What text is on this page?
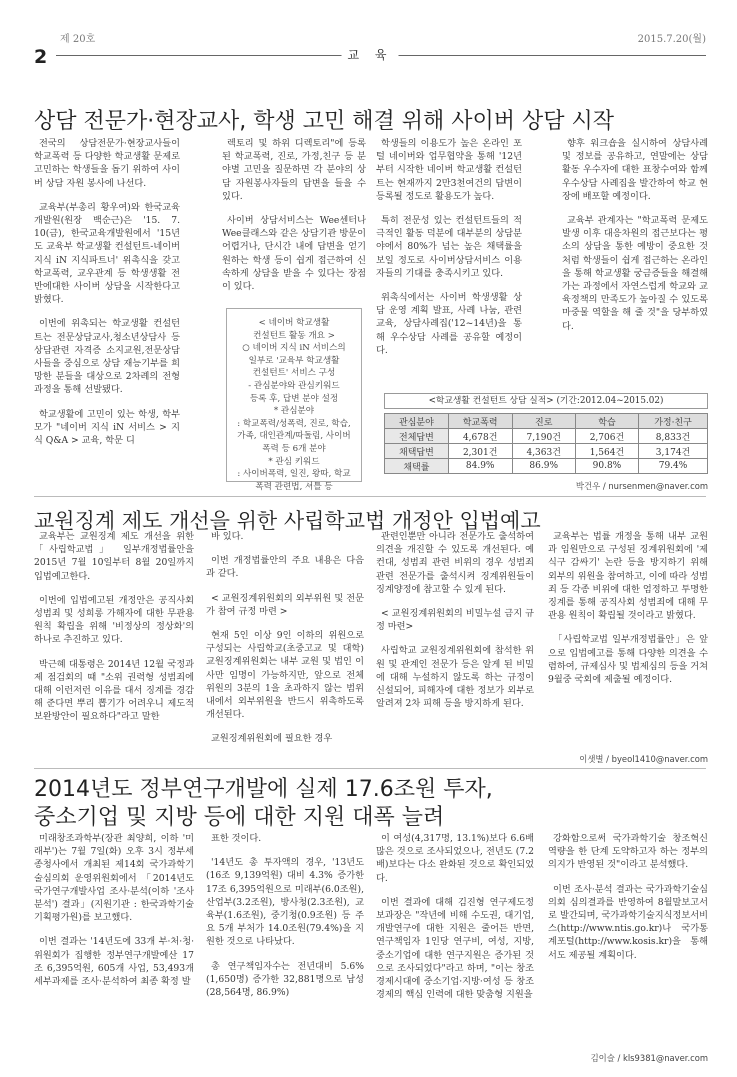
2
제 20호	2015.7.20(월)
교 육
상담 전문가·현장교사, 학생 고민 해결 위해 사이버 상담 시작

전국의 상담전문가·현장교사들이 학교폭력 등 다양한 학교생활 문제로 고민하는 학생들을 돕기 위하여 사이버 상담 자원 봉사에 나선다.

교육부(부총리 황우여)와 한국교육개발원(원장 백순근)은 '15. 7. 10(금), 한국교육개발원에서 '15년도 교육부 학교생활 컨설턴트-네이버 지식 iN 지식파트너' 위촉식을 갖고 학교폭력, 교우관계 등 학생생활 전반에대한 사이버 상담을 시작한다고 밝혔다.

이번에 위촉되는 학교생활 컨설턴트는 전문상담교사,청소년상담사 등 상담관련 자격증 소지교원,전문상담사들을 중심으로 상담 재능기부를 희망한 분들을 대상으로 2차례의 전형과정을 통해 선발됐다.

학교생활에 고민이 있는 학생, 학부모가 "네이버 지식 iN 서비스 > 지식 Q&A > 교육, 학문 디

렉토리 및 하위 디렉토리"에 등록된 학교폭력, 진로, 가정,친구 등 분야별 고민을 질문하면 각 분야의 상담 자원봉사자들의 답변을 들을 수 있다.

사이버 상담서비스는 Wee센터나 Wee클래스와 같은 상담기관 방문이 어렵거나, 단시간 내에 답변을 얻기 원하는 학생 등이 쉽게 접근하여 신속하게 상담을 받을 수 있다는 장점이 있다.

< 네이버 학교생활
컨설턴트 활동 개요 >
○ 네이버 지식 iN 서비스의
일부로 '교육부 학교생활
컨설턴트' 서비스 구성
- 관심분야와 관심키워드
등록 후, 답변 분야 설정
* 관심분야
: 학교폭력/성폭력, 진로, 학습,
가족, 대인관계/따돌림, 사이버
폭력 등 6개 분야
* 관심 키워드
: 사이버폭력, 일진, 왕따, 학교
폭력 관련법, 셔틀 등

학생들의 이용도가 높은 온라인 포털 네이버와 업무협약을 통해 '12년부터 시작한 네이버 학교생활 컨설턴트는 현재까지 2만3천여건의 답변이 등록될 정도로 활용도가 높다.

특히 전문성 있는 컨설턴트들의 적극적인 활동 덕분에 대부분의 상담분야에서 80%가 넘는 높은 채택률을 보일 정도로 사이버상담서비스 이용자들의 기대를 충족시키고 있다.

위촉식에서는 사이버 학생생활 상담 운영 계획 발표, 사례 나눔, 관련 교육, 상담사례집('12~14년)을 통해 우수상담 사례를 공유할 예정이다.

향후 워크숍을 실시하여 상담사례 및 정보를 공유하고, 연말에는 상담활동 우수자에 대한 표창수여와 함께 우수상담 사례집을 발간하여 학교 현장에 배포할 예정이다.

교육부 관계자는 "학교폭력 문제도 발생 이후 대응차원의 접근보다는 평소의 상담을 통한 예방이 중요한 것 처럼 학생들이 쉽게 접근하는 온라인을 통해 학교생활 궁금증들을 해결해 가는 과정에서 자연스럽게 학교와 교육정책의 만족도가 높아질 수 있도록 마중물 역할을 해 줄 것"을 당부하였다.

<학교생활 컨설턴트 상담 실적> (기간:2012.04~2015.02)
관심분야	학교폭력	진로	학습	가정·친구
전체답변	4,678건	7,190건	2,706건	8,833건
채택답변	2,301건	4,363건	1,564건	3,174건
채택률	84.9%	86.9%	90.8%	79.4%
박건우 / nursenmen@naver.com
교원징계 제도 개선을 위한 사립학교법 개정안 입법예고

교육부는 교원징계 제도 개선을 위한 「사립학교법」 일부개정법률안을 2015년 7월 10일부터 8월 20일까지 입법예고한다.

이번에 입법예고된 개정안은 공직사회 성범죄 및 성희롱 가해자에 대한 무관용 원칙 확립을 위해 '비정상의 정상화'의 하나로 추진하고 있다.

박근혜 대통령은 2014년 12월 국정과제 점검회의 때 "소위 권력형 성범죄에 대해 이런저런 이유를 대서 징계를 경감해 준다면 뿌리 뽑기가 어려우니 제도적 보완방안이 필요하다"라고 말한

바 있다.

이번 개정법률안의 주요 내용은 다음과 같다.

< 교원징계위원회의 외부위원 및 전문가 참여 규정 마련 >

현재 5인 이상 9인 이하의 위원으로 구성되는 사립학교(초중고교 및 대학) 교원징계위원회는 내부 교원 및 법인 이사만 임명이 가능하지만, 앞으로 전체 위원의 3분의 1을 초과하지 않는 범위 내에서 외부위원을 반드시 위촉하도록 개선된다.

교원징계위원회에 필요한 경우

관련인뿐만 아니라 전문가도 출석하여 의견을 개진할 수 있도록 개선된다. 예컨대, 성범죄 관련 비위의 경우 성범죄 관련 전문가를 출석시켜 징계위원들이 징계양정에 참고할 수 있게 된다.

< 교원징계위원회의 비밀누설 금지 규정 마련>

사립학교 교원징계위원회에 참석한 위원 및 관계인 전문가 등은 알게 된 비밀에 대해 누설하지 않도록 하는 규정이 신설되어, 피해자에 대한 정보가 외부로 알려져 2차 피해 등을 방지하게 된다.

교육부는 법률 개정을 통해 내부 교원과 임원만으로 구성된 징계위원회에 '제식구 감싸기' 논란 등을 방지하기 위해 외부의 위원을 참여하고, 이에 따라 성범죄 등 각종 비위에 대한 엄정하고 투명한 징계를 통해 공직사회 성범죄에 대해 무관용 원칙이 확립될 것이라고 밝혔다.

「사립학교법 일부개정법률안」은 앞으로 입법예고를 통해 다양한 의견을 수렴하여, 규제심사 및 법제심의 등을 거쳐 9월중 국회에 제출될 예정이다.

이샛별 / byeol1410@naver.com
2014년도 정부연구개발에 실제 17.6조원 투자,
중소기업 및 지방 등에 대한 지원 대폭 늘려

미래창조과학부(장관 최양희, 이하 '미래부')는 7월 7일(화) 오후 3시 정부세종청사에서 개최된 제14회 국가과학기술심의회 운영위원회에서 「2014년도 국가연구개발사업 조사·분석(이하 '조사분석') 결과」(지원기관 : 한국과학기술기획평가원)를 보고했다.

이번 결과는 '14년도에 33개 부·처·청·위원회가 집행한 정부연구개발예산 17조 6,395억원, 605개 사업, 53,493개 세부과제를 조사·분석하여 최종 확정 발

표한 것이다.

'14년도 총 투자액의 경우, '13년도(16조 9,139억원) 대비 4.3% 증가한 17조 6,395억원으로 미래부(6.0조원), 산업부(3.2조원), 방사청(2.3조원), 교육부(1.6조원), 중기청(0.9조원) 등 주요 5개 부처가 14.0조원(79.4%)을 지원한 것으로 나타났다.

총 연구책임자수는 전년대비 5.6%(1,650명) 증가한 32,881명으로 남성(28,564명, 86.9%)

이 여성(4,317명, 13.1%)보다 6.6배 많은 것으로 조사되었으나, 전년도 (7.2배)보다는 다소 완화된 것으로 확인되었다.

이번 결과에 대해 김진형 연구제도정보과장은 "작년에 비해 수도권, 대기업, 개발연구에 대한 지원은 줄어든 반면, 연구책임자 1인당 연구비, 여성, 지방, 중소기업에 대한 연구지원은 증가된 것으로 조사되었다"라고 하며, "이는 창조경제시대에 중소기업·지방·여성 등 창조경제의 핵심 인력에 대한 맞춤형 지원을

강화함으로써 국가과학기술 창조혁신역량을 한 단계 도약하고자 하는 정부의 의지가 반영된 것"이라고 분석했다.

이번 조사·분석 결과는 국가과학기술심의회 심의결과를 반영하여 8월말보고서로 발간되며, 국가과학기술지식정보서비스(http://www.ntis.go.kr)나 국가통계포털(http://www.kosis.kr)을 통해서도 제공될 계획이다.

김이슬 / kls9381@naver.com
